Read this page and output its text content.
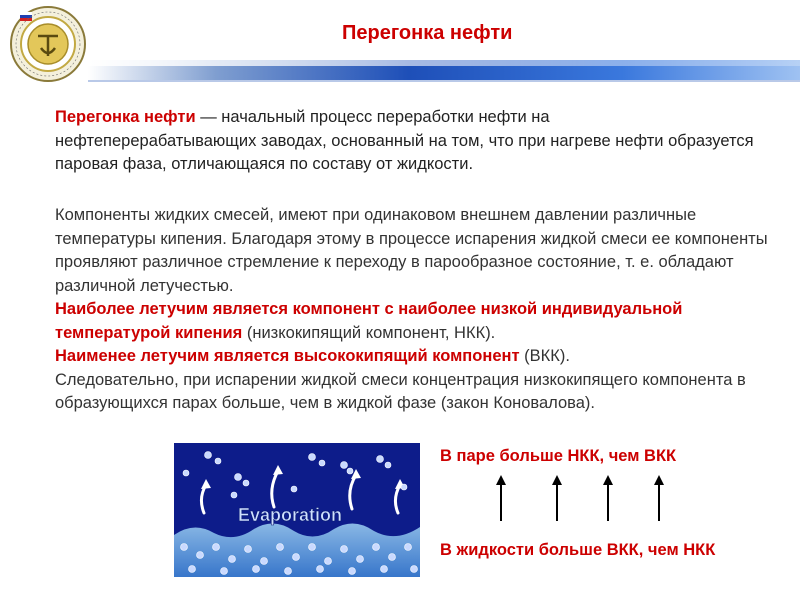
Перегонка нефти
Перегонка нефти — начальный процесс переработки нефти на нефтеперерабатывающих заводах, основанный на том, что при нагреве нефти образуется паровая фаза, отличающаяся по составу от жидкости.
Компоненты жидких смесей, имеют при одинаковом внешнем давлении различные температуры кипения. Благодаря этому в процессе испарения жидкой смеси ее компоненты проявляют различное стремление к переходу в парообразное состояние, т. е. обладают различной летучестью.
Наиболее летучим является компонент с наиболее низкой индивидуальной температурой кипения (низкокипящий компонент, НКК).
Наименее летучим является высококипящий компонент (ВКК).
Следовательно, при испарении жидкой смеси концентрация низкокипящего компонента в образующихся парах больше, чем в жидкой фазе (закон Коновалова).
Evaporation
В паре больше НКК, чем ВКК
В жидкости больше ВКК, чем НКК
